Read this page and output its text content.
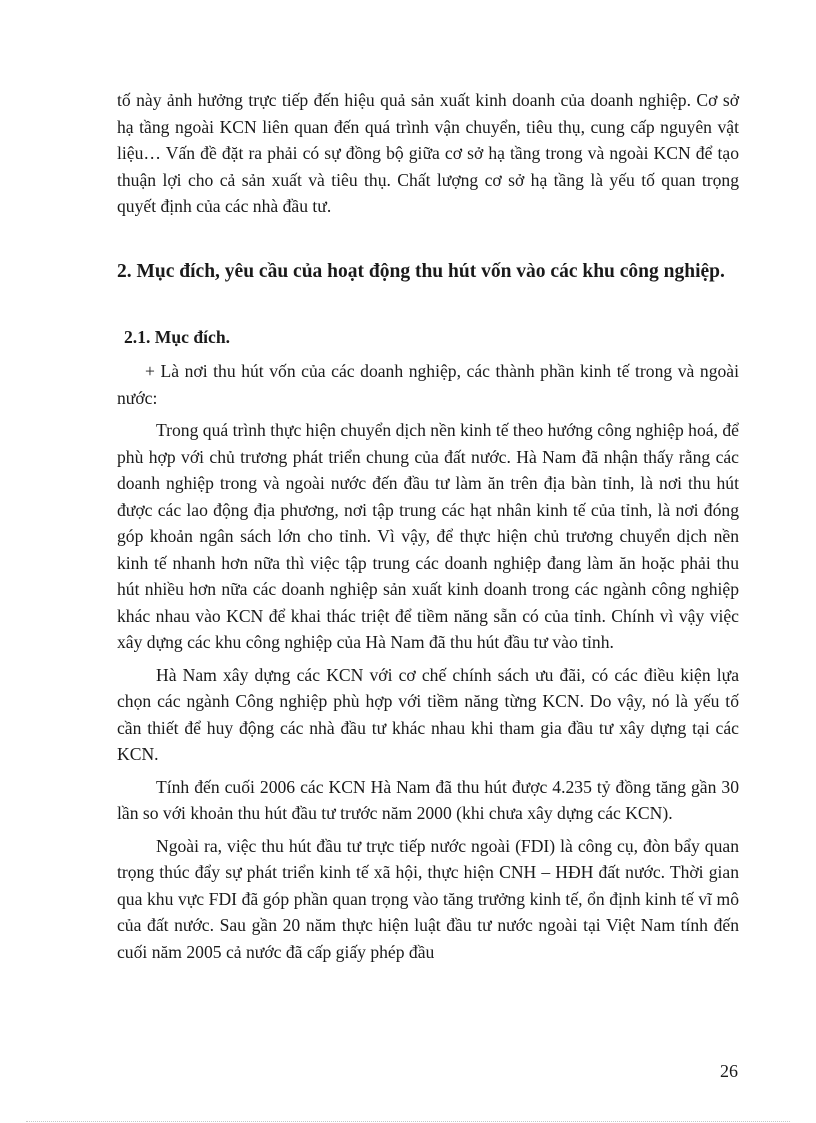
tố này ảnh hưởng trực tiếp đến hiệu quả sản xuất kinh doanh của doanh nghiệp. Cơ sở hạ tầng ngoài KCN liên quan đến quá trình vận chuyển, tiêu thụ, cung cấp nguyên vật liệu… Vấn đề đặt ra phải có sự đồng bộ giữa cơ sở hạ tầng trong và ngoài KCN để tạo thuận lợi cho cả sản xuất và tiêu thụ. Chất lượng cơ sở hạ tầng là yếu tố quan trọng quyết định của các nhà đầu tư.

2. Mục đích, yêu cầu của hoạt động thu hút vốn vào các khu công nghiệp.
2.1. Mục đích.

+ Là nơi thu hút vốn của các doanh nghiệp, các thành phần kinh tế trong và ngoài nước:

Trong quá trình thực hiện chuyển dịch nền kinh tế theo hướng công nghiệp hoá, để phù hợp với chủ trương phát triển chung của đất nước. Hà Nam đã nhận thấy rằng các doanh nghiệp trong và ngoài nước đến đầu tư làm ăn trên địa bàn tỉnh, là nơi thu hút được các lao động địa phương, nơi tập trung các hạt nhân kinh tế của tỉnh, là nơi đóng góp khoản ngân sách lớn cho tỉnh. Vì vậy, để thực hiện chủ trương chuyển dịch nền kinh tế nhanh hơn nữa thì việc tập trung các doanh nghiệp đang làm ăn hoặc phải thu hút nhiều hơn nữa các doanh nghiệp sản xuất kinh doanh trong các ngành công nghiệp khác nhau vào KCN để khai thác triệt để tiềm năng sẵn có của tỉnh. Chính vì vậy việc xây dựng các khu công nghiệp của Hà Nam đã thu hút đầu tư vào tỉnh.

Hà Nam xây dựng các KCN với cơ chế chính sách ưu đãi, có các điều kiện lựa chọn các ngành Công nghiệp phù hợp với tiềm năng từng KCN. Do vậy, nó là yếu tố cần thiết để huy động các nhà đầu tư khác nhau khi tham gia đầu tư xây dựng tại các KCN.

Tính đến cuối 2006 các KCN Hà Nam đã thu hút được 4.235 tỷ đồng tăng gần 30 lần so với khoản thu hút đầu tư trước năm 2000 (khi chưa xây dựng các KCN).

Ngoài ra, việc thu hút đầu tư trực tiếp nước ngoài (FDI) là công cụ, đòn bẩy quan trọng thúc đẩy sự phát triển kinh tế xã hội, thực hiện CNH – HĐH đất nước. Thời gian qua khu vực FDI đã góp phần quan trọng vào tăng trưởng kinh tế, ổn định kinh tế vĩ mô của đất nước. Sau gần 20 năm thực hiện luật đầu tư nước ngoài tại Việt Nam tính đến cuối năm 2005 cả nước đã cấp giấy phép đầu

26
